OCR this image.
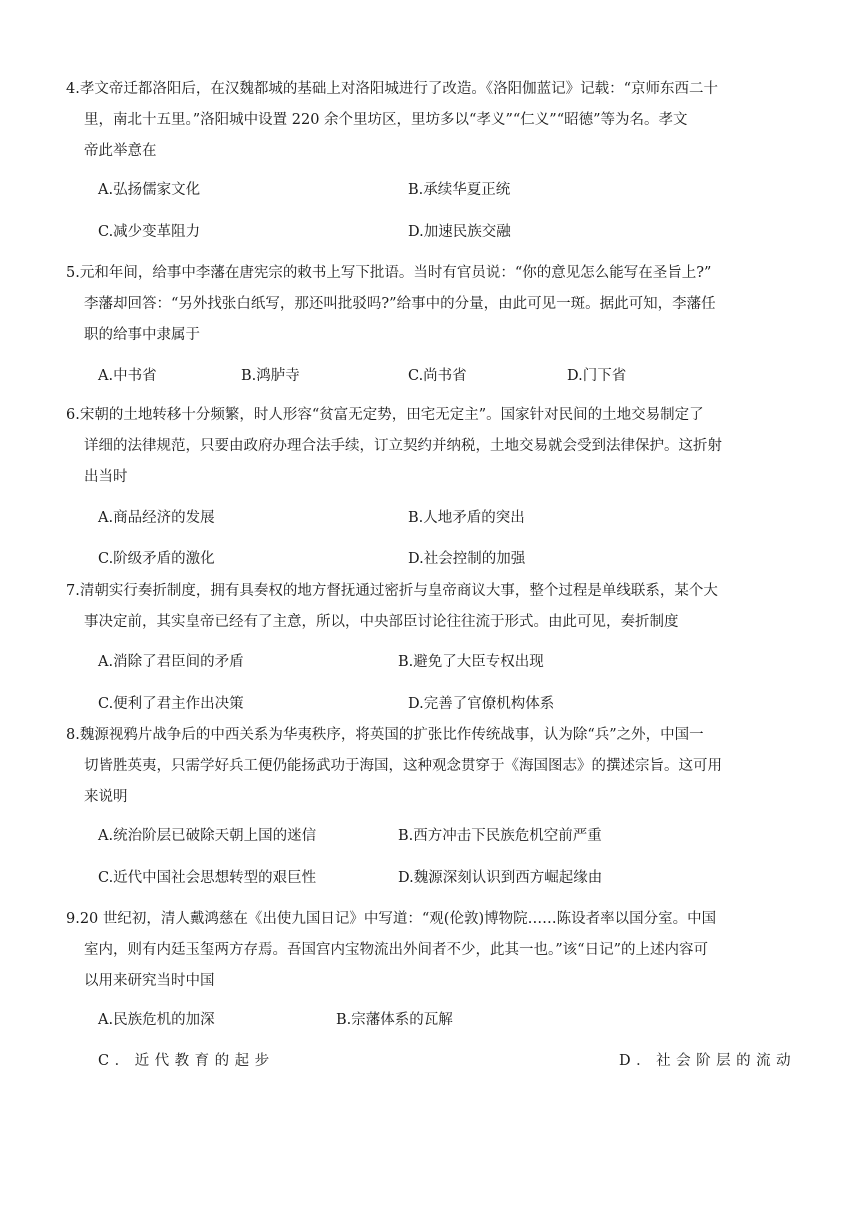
4.孝文帝迁都洛阳后，在汉魏都城的基础上对洛阳城进行了改造。《洛阳伽蓝记》记载：“京师东西二十

里，南北十五里。”洛阳城中设置 220 余个里坊区，里坊多以“孝义”“仁义”“昭德”等为名。孝文

帝此举意在

A.弘扬儒家文化	B.承续华夏正统
C.减少变革阻力	D.加速民族交融

5.元和年间，给事中李藩在唐宪宗的敕书上写下批语。当时有官员说：“你的意见怎么能写在圣旨上?”

李藩却回答：“另外找张白纸写，那还叫批驳吗?”给事中的分量，由此可见一斑。据此可知，李藩任

职的给事中隶属于

A.中书省	B.鸿胪寺	C.尚书省	D.门下省

6.宋朝的土地转移十分频繁，时人形容“贫富无定势，田宅无定主”。国家针对民间的土地交易制定了

详细的法律规范，只要由政府办理合法手续，订立契约并纳税，土地交易就会受到法律保护。这折射

出当时

A.商品经济的发展	B.人地矛盾的突出
C.阶级矛盾的激化	D.社会控制的加强

7.清朝实行奏折制度，拥有具奏权的地方督抚通过密折与皇帝商议大事，整个过程是单线联系，某个大

事决定前，其实皇帝已经有了主意，所以，中央部臣讨论往往流于形式。由此可见，奏折制度

A.消除了君臣间的矛盾	B.避免了大臣专权出现
C.便利了君主作出决策	D.完善了官僚机构体系

8.魏源视鸦片战争后的中西关系为华夷秩序，将英国的扩张比作传统战事，认为除“兵”之外，中国一

切皆胜英夷，只需学好兵工便仍能扬武功于海国，这种观念贯穿于《海国图志》的撰述宗旨。这可用

来说明

A.统治阶层已破除天朝上国的迷信	B.西方冲击下民族危机空前严重
C.近代中国社会思想转型的艰巨性	D.魏源深刻认识到西方崛起缘由

9.20 世纪初，清人戴鸿慈在《出使九国日记》中写道：“观(伦敦)博物院……陈设者率以国分室。中国

室内，则有内廷玉玺两方存焉。吾国宫内宝物流出外间者不少，此其一也。”该“日记”的上述内容可

以用来研究当时中国

A.民族危机的加深	B.宗藩体系的瓦解
C．近代教育的起步	D．社会阶层的流动
